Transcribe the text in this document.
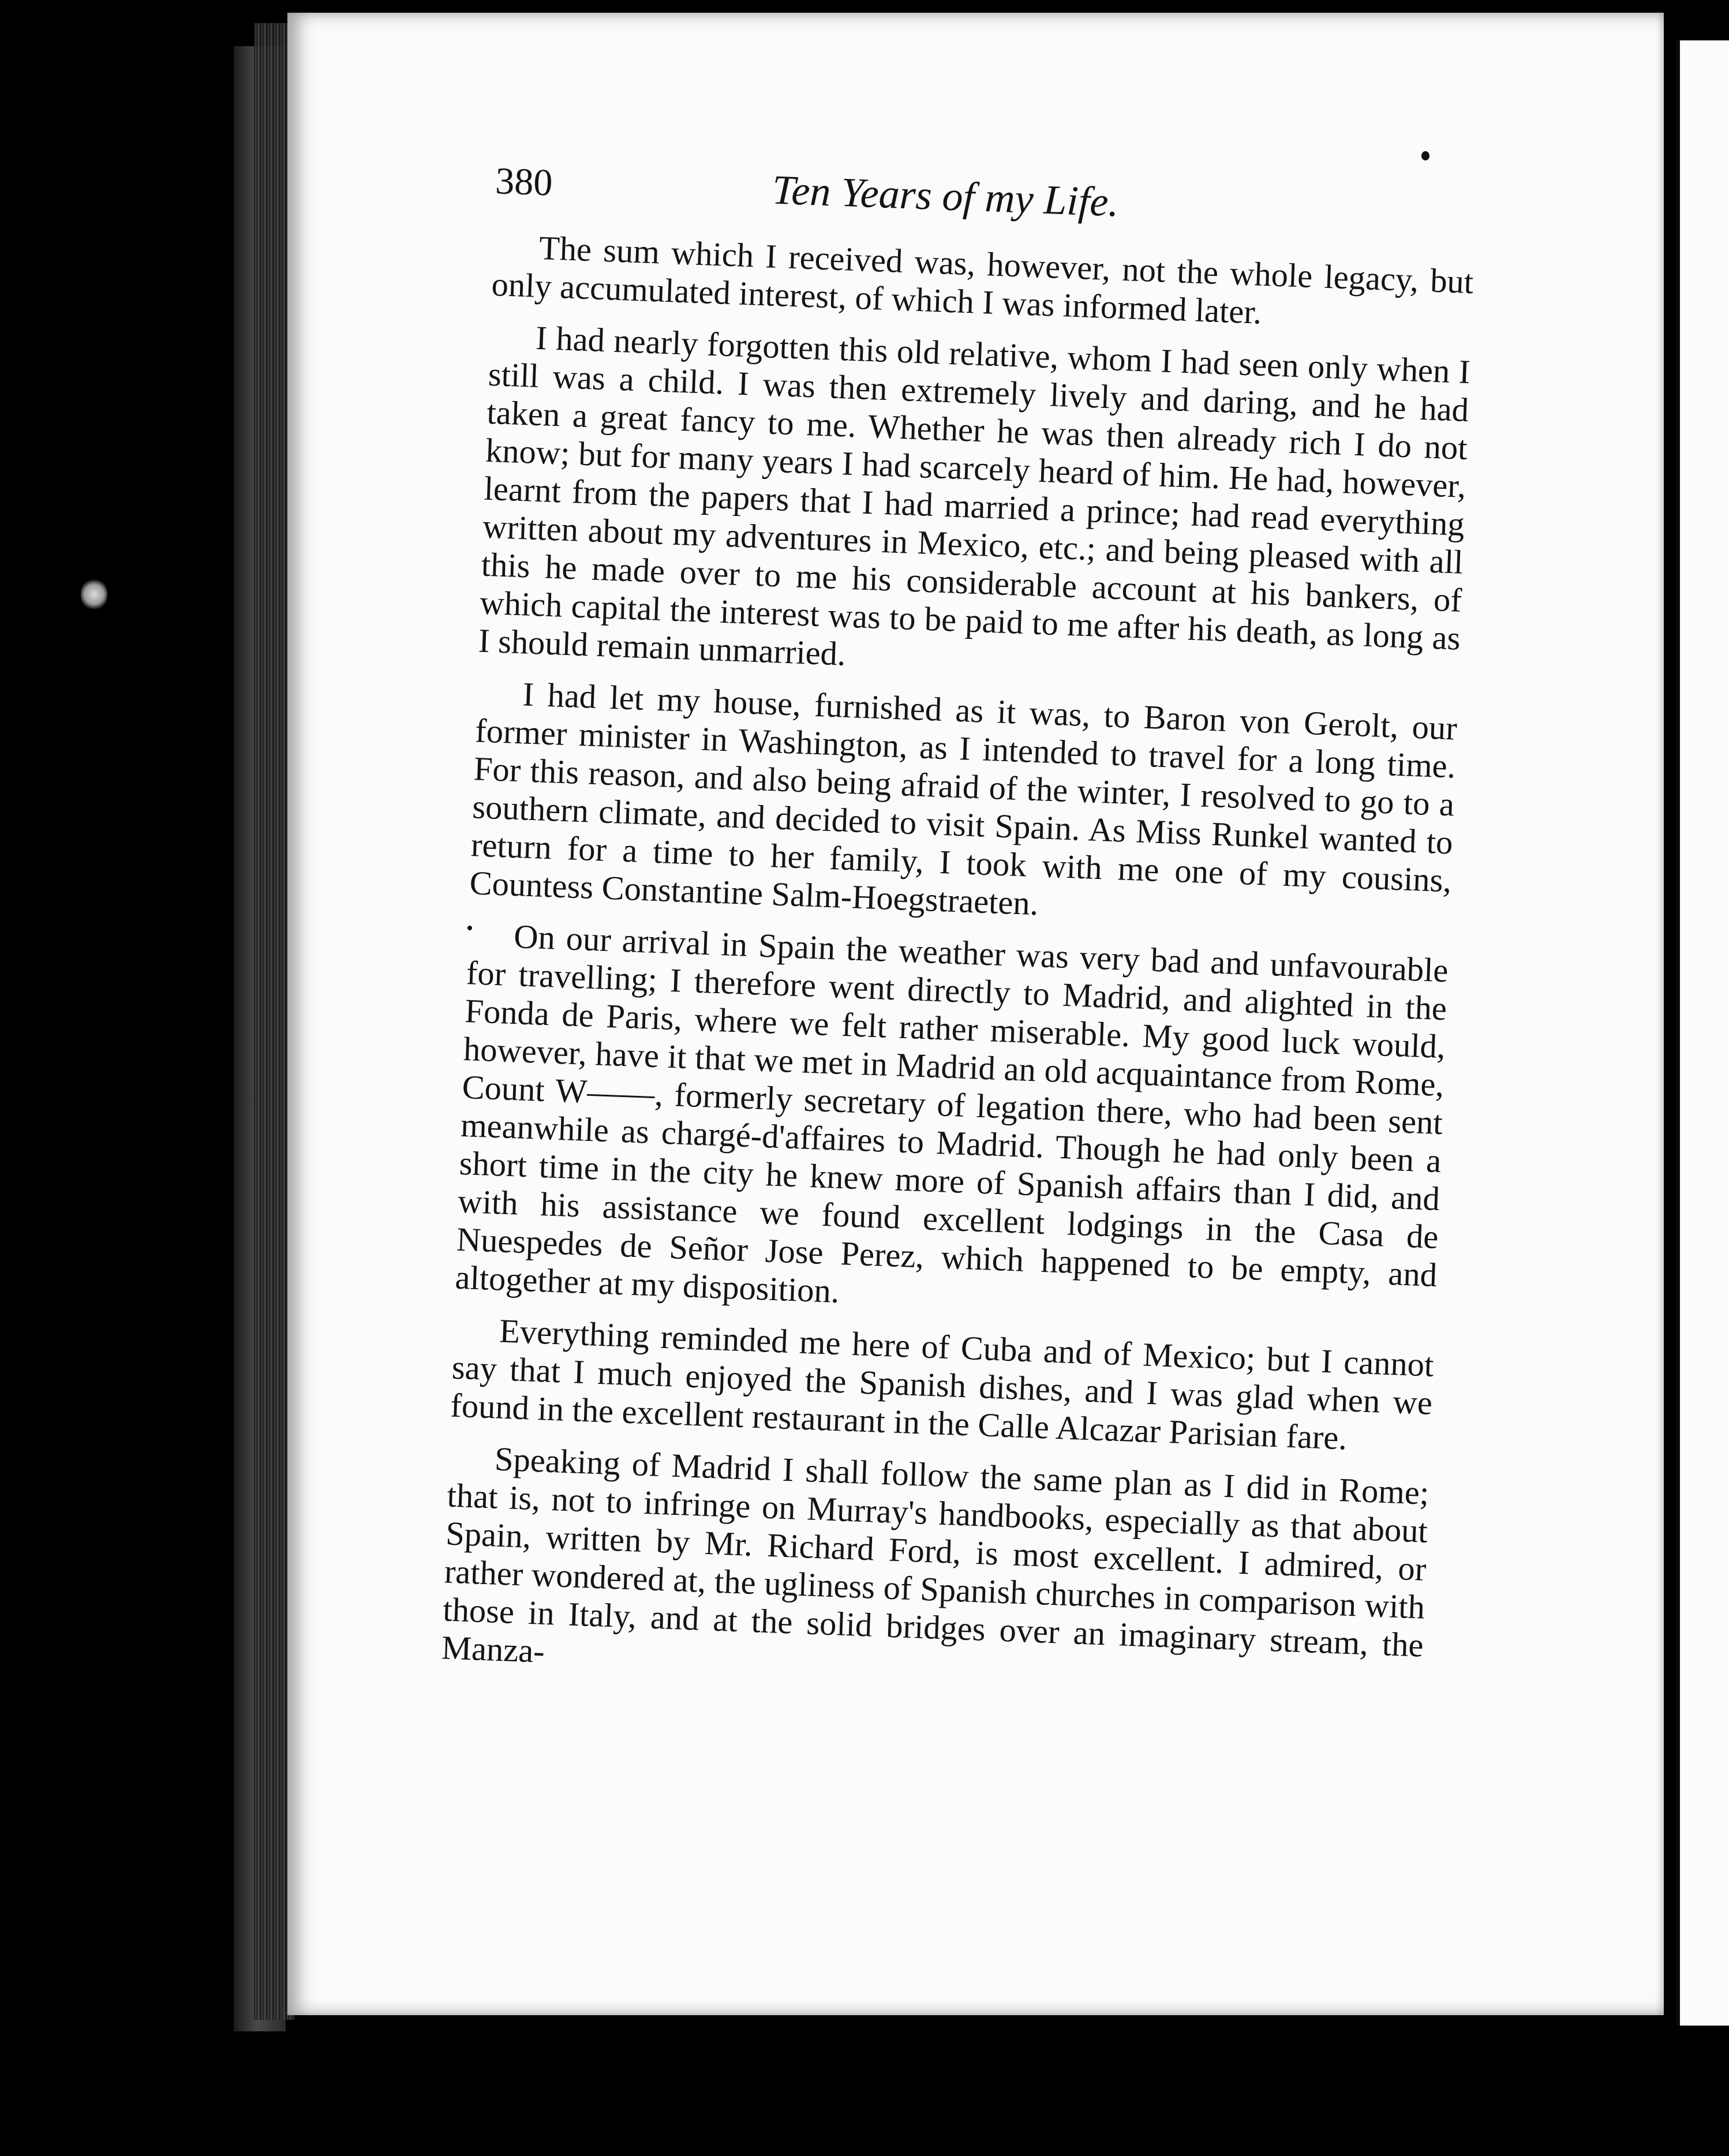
380	Ten Years of my Life.

The sum which I received was, however, not the whole legacy, but only accumulated interest, of which I was informed later.

I had nearly forgotten this old relative, whom I had seen only when I still was a child. I was then extremely lively and daring, and he had taken a great fancy to me. Whether he was then already rich I do not know; but for many years I had scarcely heard of him. He had, however, learnt from the papers that I had married a prince; had read everything written about my adventures in Mexico, etc.; and being pleased with all this he made over to me his considerable account at his bankers, of which capital the interest was to be paid to me after his death, as long as I should remain unmarried.

I had let my house, furnished as it was, to Baron von Gerolt, our former minister in Washington, as I intended to travel for a long time. For this reason, and also being afraid of the winter, I resolved to go to a southern climate, and decided to visit Spain. As Miss Runkel wanted to return for a time to her family, I took with me one of my cousins, Countess Constantine Salm-Hoegstraeten.

On our arrival in Spain the weather was very bad and unfavourable for travelling; I therefore went directly to Madrid, and alighted in the Fonda de Paris, where we felt rather miserable. My good luck would, however, have it that we met in Madrid an old acquaintance from Rome, Count W——, formerly secretary of legation there, who had been sent meanwhile as chargé-d'affaires to Madrid. Though he had only been a short time in the city he knew more of Spanish affairs than I did, and with his assistance we found excellent lodgings in the Casa de Nuespedes de Señor Jose Perez, which happened to be empty, and altogether at my disposition.

Everything reminded me here of Cuba and of Mexico; but I cannot say that I much enjoyed the Spanish dishes, and I was glad when we found in the excellent restaurant in the Calle Alcazar Parisian fare.

Speaking of Madrid I shall follow the same plan as I did in Rome; that is, not to infringe on Murray's handbooks, especially as that about Spain, written by Mr. Richard Ford, is most excellent. I admired, or rather wondered at, the ugliness of Spanish churches in comparison with those in Italy, and at the solid bridges over an imaginary stream, the Manza-
